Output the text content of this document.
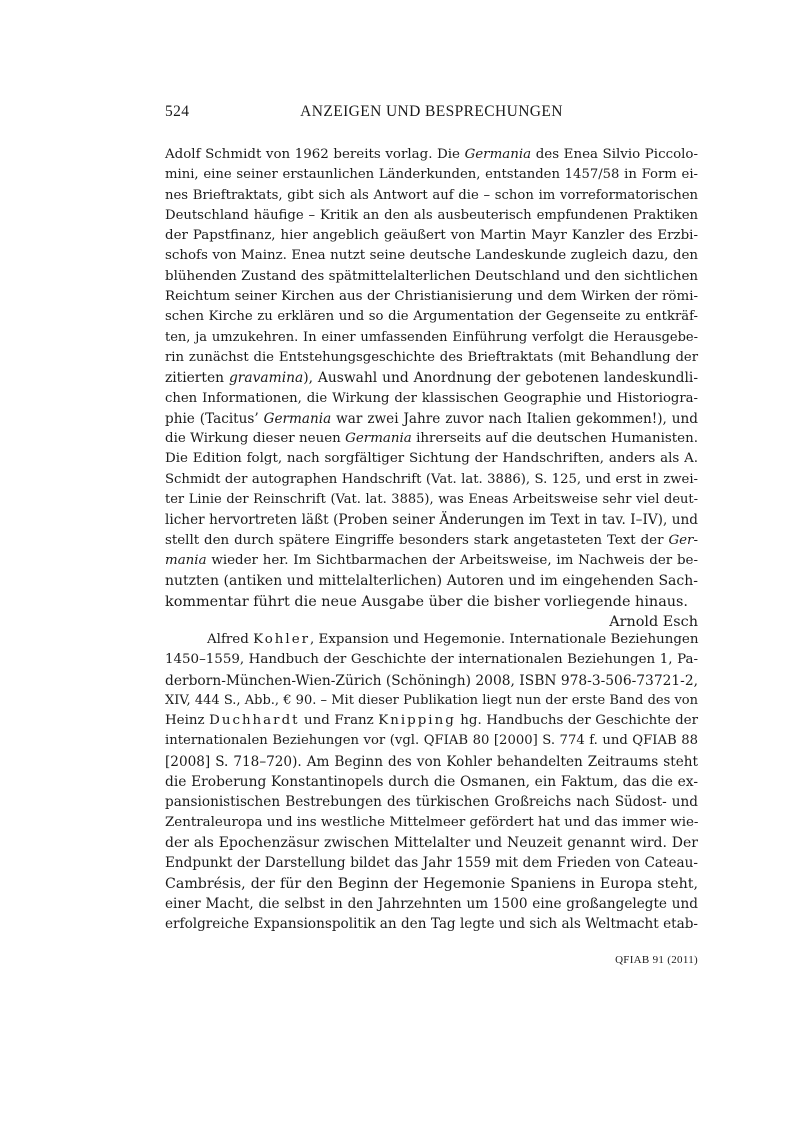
524	ANZEIGEN UND BESPRECHUNGEN
Adolf Schmidt von 1962 bereits vorlag. Die Germania des Enea Silvio Piccolo-
mini, eine seiner erstaunlichen Länderkunden, entstanden 1457/58 in Form ei-
nes Brieftraktats, gibt sich als Antwort auf die – schon im vorreformatorischen
Deutschland häufige – Kritik an den als ausbeuterisch empfundenen Praktiken
der Papstfinanz, hier angeblich geäußert von Martin Mayr Kanzler des Erzbi-
schofs von Mainz. Enea nutzt seine deutsche Landeskunde zugleich dazu, den
blühenden Zustand des spätmittelalterlichen Deutschland und den sichtlichen
Reichtum seiner Kirchen aus der Christianisierung und dem Wirken der römi-
schen Kirche zu erklären und so die Argumentation der Gegenseite zu entkräf-
ten, ja umzukehren. In einer umfassenden Einführung verfolgt die Herausgebe-
rin zunächst die Entstehungsgeschichte des Brieftraktats (mit Behandlung der
zitierten gravamina), Auswahl und Anordnung der gebotenen landeskundli-
chen Informationen, die Wirkung der klassischen Geographie und Historiogra-
phie (Tacitus’ Germania war zwei Jahre zuvor nach Italien gekommen!), und
die Wirkung dieser neuen Germania ihrerseits auf die deutschen Humanisten.
Die Edition folgt, nach sorgfältiger Sichtung der Handschriften, anders als A.
Schmidt der autographen Handschrift (Vat. lat. 3886), S. 125, und erst in zwei-
ter Linie der Reinschrift (Vat. lat. 3885), was Eneas Arbeitsweise sehr viel deut-
licher hervortreten läßt (Proben seiner Änderungen im Text in tav. I–IV), und
stellt den durch spätere Eingriffe besonders stark angetasteten Text der Ger-
mania wieder her. Im Sichtbarmachen der Arbeitsweise, im Nachweis der be-
nutzten (antiken und mittelalterlichen) Autoren und im eingehenden Sach-
kommentar führt die neue Ausgabe über die bisher vorliegende hinaus.
Arnold Esch
Alfred Kohler, Expansion und Hegemonie. Internationale Beziehungen
1450–1559, Handbuch der Geschichte der internationalen Beziehungen 1, Pa-
derborn-München-Wien-Zürich (Schöningh) 2008, ISBN 978-3-506-73721-2,
XIV, 444 S., Abb., € 90. – Mit dieser Publikation liegt nun der erste Band des von
Heinz Duchhardt und Franz Knipping hg. Handbuchs der Geschichte der
internationalen Beziehungen vor (vgl. QFIAB 80 [2000] S. 774 f. und QFIAB 88
[2008] S. 718–720). Am Beginn des von Kohler behandelten Zeitraums steht
die Eroberung Konstantinopels durch die Osmanen, ein Faktum, das die ex-
pansionistischen Bestrebungen des türkischen Großreichs nach Südost- und
Zentraleuropa und ins westliche Mittelmeer gefördert hat und das immer wie-
der als Epochenzäsur zwischen Mittelalter und Neuzeit genannt wird. Der
Endpunkt der Darstellung bildet das Jahr 1559 mit dem Frieden von Cateau-
Cambrésis, der für den Beginn der Hegemonie Spaniens in Europa steht,
einer Macht, die selbst in den Jahrzehnten um 1500 eine großangelegte und
erfolgreiche Expansionspolitik an den Tag legte und sich als Weltmacht etab-
QFIAB 91 (2011)
